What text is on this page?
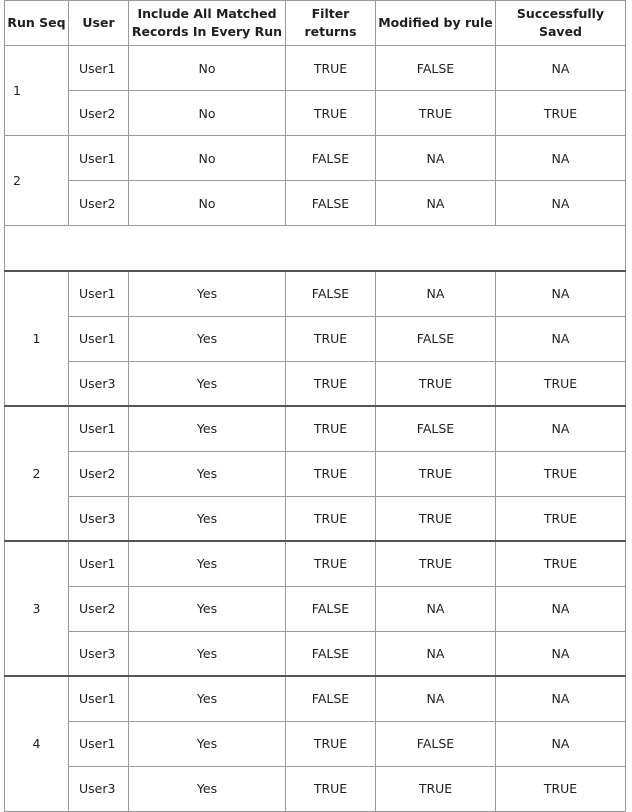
Run Seq	User	Include All Matched Records In Every Run	Filter returns	Modified by rule	Successfully Saved
1	User1	No	TRUE	FALSE	NA
	User2	No	TRUE	TRUE	TRUE
2	User1	No	FALSE	NA	NA
	User2	No	FALSE	NA	NA

1	User1	Yes	FALSE	NA	NA
	User1	Yes	TRUE	FALSE	NA
	User3	Yes	TRUE	TRUE	TRUE
2	User1	Yes	TRUE	FALSE	NA
	User2	Yes	TRUE	TRUE	TRUE
	User3	Yes	TRUE	TRUE	TRUE
3	User1	Yes	TRUE	TRUE	TRUE
	User2	Yes	FALSE	NA	NA
	User3	Yes	FALSE	NA	NA
4	User1	Yes	FALSE	NA	NA
	User1	Yes	TRUE	FALSE	NA
	User3	Yes	TRUE	TRUE	TRUE
